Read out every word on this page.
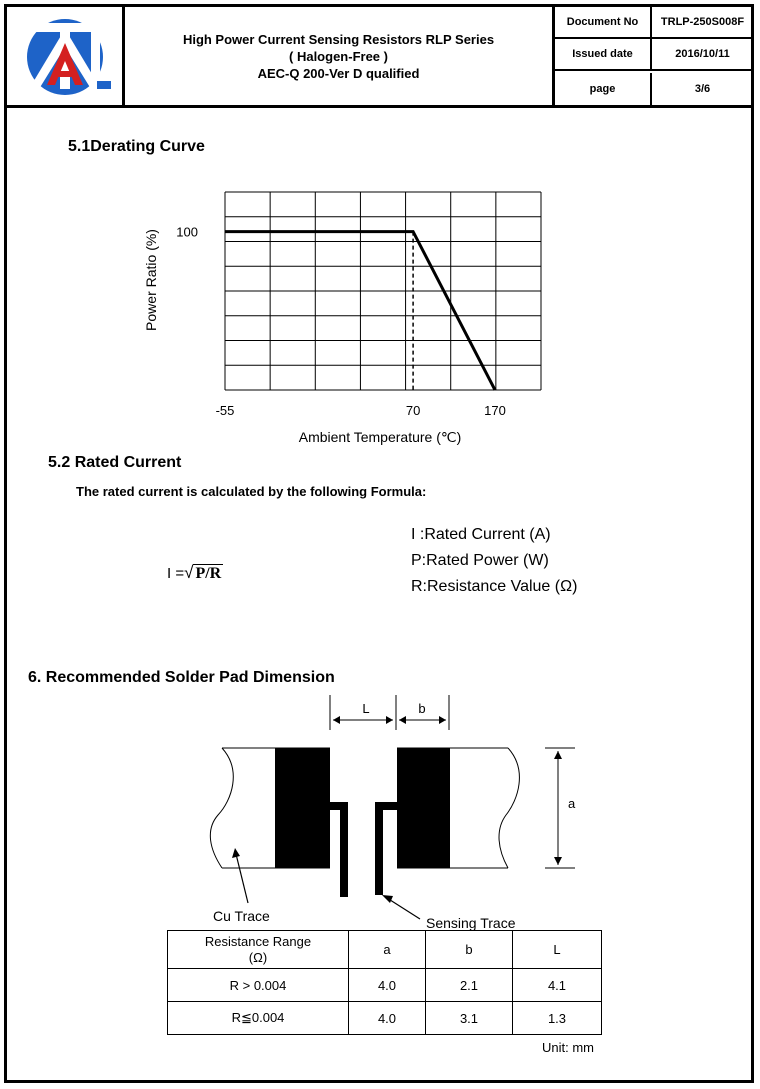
High Power Current Sensing Resistors RLP Series
( Halogen-Free )
AEC-Q 200-Ver D qualified
Document No	TRLP-250S008F
Issued date	2016/10/11
page	3/6
5.1Derating Curve
-55	70	170
100
Power Ratio (%)
Ambient Temperature (℃)
5.2 Rated Current
The rated current is calculated by the following Formula:
I =√ P/R
I :Rated Current (A)
P:Rated Power (W)
R:Resistance Value (Ω)
6. Recommended Solder Pad Dimension
L	b
a
Cu Trace	Sensing Trace
Resistance Range
(Ω)	a	b	L
R > 0.004	4.0	2.1	4.1
R≦0.004	4.0	3.1	1.3
Unit: mm
